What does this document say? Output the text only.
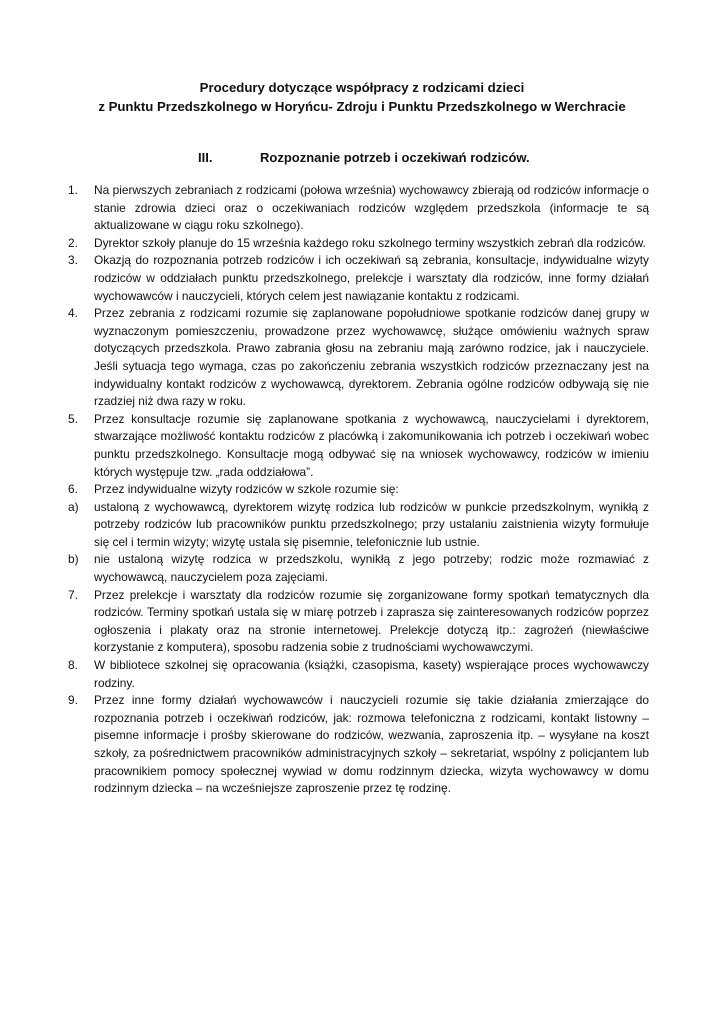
Procedury dotyczące współpracy z rodzicami dzieci
z Punktu Przedszkolnego w Horyńcu- Zdroju i Punktu Przedszkolnego w Werchracie
III.	Rozpoznanie potrzeb i oczekiwań rodziców.

1.	Na pierwszych zebraniach z rodzicami (połowa września) wychowawcy zbierają od rodziców informacje o stanie zdrowia dzieci oraz o oczekiwaniach rodziców względem przedszkola (informacje te są aktualizowane w ciągu roku szkolnego).

2.	Dyrektor szkoły planuje do 15 września każdego roku szkolnego terminy wszystkich zebrań dla rodziców.

3.	Okazją do rozpoznania potrzeb rodziców i ich oczekiwań są zebrania, konsultacje, indywidualne wizyty rodziców w oddziałach punktu przedszkolnego, prelekcje i warsztaty dla rodziców, inne formy działań wychowawców i nauczycieli, których celem jest nawiązanie kontaktu z rodzicami.

4.	Przez zebrania z rodzicami rozumie się zaplanowane popołudniowe spotkanie rodziców danej grupy w wyznaczonym pomieszczeniu, prowadzone przez wychowawcę, służące omówieniu ważnych spraw dotyczących przedszkola. Prawo zabrania głosu na zebraniu mają zarówno rodzice, jak i nauczyciele. Jeśli sytuacja tego wymaga, czas po zakończeniu zebrania wszystkich rodziców przeznaczany jest na indywidualny kontakt rodziców z wychowawcą, dyrektorem. Zebrania ogólne rodziców odbywają się nie rzadziej niż dwa razy w roku.

5.	Przez konsultacje rozumie się zaplanowane spotkania z wychowawcą, nauczycielami i dyrektorem, stwarzające możliwość kontaktu rodziców z placówką i zakomunikowania ich potrzeb i oczekiwań wobec punktu przedszkolnego. Konsultacje mogą odbywać się na wniosek wychowawcy, rodziców w imieniu których występuje tzw. „rada oddziałowa”.

6.	Przez indywidualne wizyty rodziców w szkole rozumie się:

a)	ustaloną z wychowawcą, dyrektorem wizytę rodzica lub rodziców w punkcie przedszkolnym, wynikłą z potrzeby rodziców lub pracowników punktu przedszkolnego; przy ustalaniu zaistnienia wizyty formułuje się cel i termin wizyty; wizytę ustala się pisemnie, telefonicznie lub ustnie.

b)	nie ustaloną wizytę rodzica w przedszkolu, wynikłą z jego potrzeby; rodzic może rozmawiać z wychowawcą, nauczycielem poza zajęciami.

7.	Przez prelekcje i warsztaty dla rodziców rozumie się zorganizowane formy spotkań tematycznych dla rodziców. Terminy spotkań ustala się w miarę potrzeb i zaprasza się zainteresowanych rodziców poprzez ogłoszenia i plakaty oraz na stronie internetowej. Prelekcje dotyczą itp.: zagrożeń (niewłaściwe korzystanie z komputera), sposobu radzenia sobie z trudnościami wychowawczymi.

8.	W bibliotece szkolnej się opracowania (książki, czasopisma, kasety) wspierające proces wychowawczy rodziny.

9.	Przez inne formy działań wychowawców i nauczycieli rozumie się takie działania zmierzające do rozpoznania potrzeb i oczekiwań rodziców, jak: rozmowa telefoniczna z rodzicami, kontakt listowny – pisemne informacje i prośby skierowane do rodziców, wezwania, zaproszenia itp. – wysyłane na koszt szkoły, za pośrednictwem pracowników administracyjnych szkoły – sekretariat, wspólny z policjantem lub pracownikiem pomocy społecznej wywiad w domu rodzinnym dziecka, wizyta wychowawcy w domu rodzinnym dziecka – na wcześniejsze zaproszenie przez tę rodzinę.
